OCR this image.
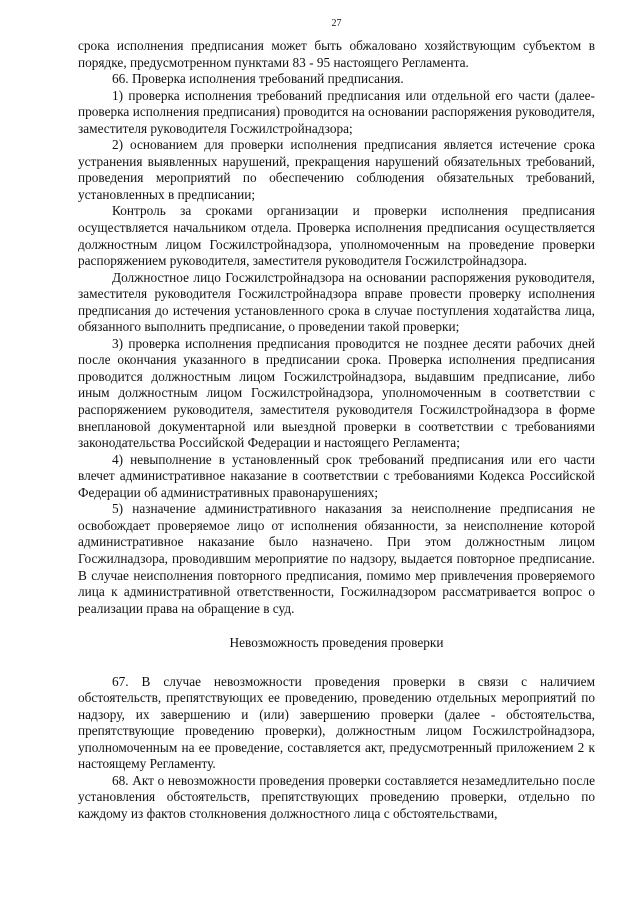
27

срока исполнения предписания может быть обжаловано хозяйствующим субъектом в порядке, предусмотренном пунктами 83 - 95 настоящего Регламента.

66. Проверка исполнения требований предписания.

1) проверка исполнения требований предписания или отдельной его части (далее-проверка исполнения предписания) проводится на основании распоряжения руководителя, заместителя руководителя Госжилстройнадзора;

2) основанием для проверки исполнения предписания является истечение срока устранения выявленных нарушений, прекращения нарушений обязательных требований, проведения мероприятий по обеспечению соблюдения обязательных требований, установленных в предписании;

Контроль за сроками организации и проверки исполнения предписания осуществляется начальником отдела. Проверка исполнения предписания осуществляется должностным лицом Госжилстройнадзора, уполномоченным на проведение проверки распоряжением руководителя, заместителя руководителя Госжилстройнадзора.

Должностное лицо Госжилстройнадзора на основании распоряжения руководителя, заместителя руководителя Госжилстройнадзора вправе провести проверку исполнения предписания до истечения установленного срока в случае поступления ходатайства лица, обязанного выполнить предписание, о проведении такой проверки;

3) проверка исполнения предписания проводится не позднее десяти рабочих дней после окончания указанного в предписании срока. Проверка исполнения предписания проводится должностным лицом Госжилстройнадзора, выдавшим предписание, либо иным должностным лицом Госжилстройнадзора, уполномоченным в соответствии с распоряжением руководителя, заместителя руководителя Госжилстройнадзора в форме внеплановой документарной или выездной проверки в соответствии с требованиями законодательства Российской Федерации и настоящего Регламента;

4) невыполнение в установленный срок требований предписания или его части влечет административное наказание в соответствии с требованиями Кодекса Российской Федерации об административных правонарушениях;

5) назначение административного наказания за неисполнение предписания не освобождает проверяемое лицо от исполнения обязанности, за неисполнение которой административное наказание было назначено. При этом должностным лицом Госжилнадзора, проводившим мероприятие по надзору, выдается повторное предписание. В случае неисполнения повторного предписания, помимо мер привлечения проверяемого лица к административной ответственности, Госжилнадзором рассматривается вопрос о реализации права на обращение в суд.

Невозможность проведения проверки

67. В случае невозможности проведения проверки в связи с наличием обстоятельств, препятствующих ее проведению, проведению отдельных мероприятий по надзору, их завершению и (или) завершению проверки (далее - обстоятельства, препятствующие проведению проверки), должностным лицом Госжилстройнадзора, уполномоченным на ее проведение, составляется акт, предусмотренный приложением 2 к настоящему Регламенту.

68. Акт о невозможности проведения проверки составляется незамедлительно после установления обстоятельств, препятствующих проведению проверки, отдельно по каждому из фактов столкновения должностного лица с обстоятельствами,
